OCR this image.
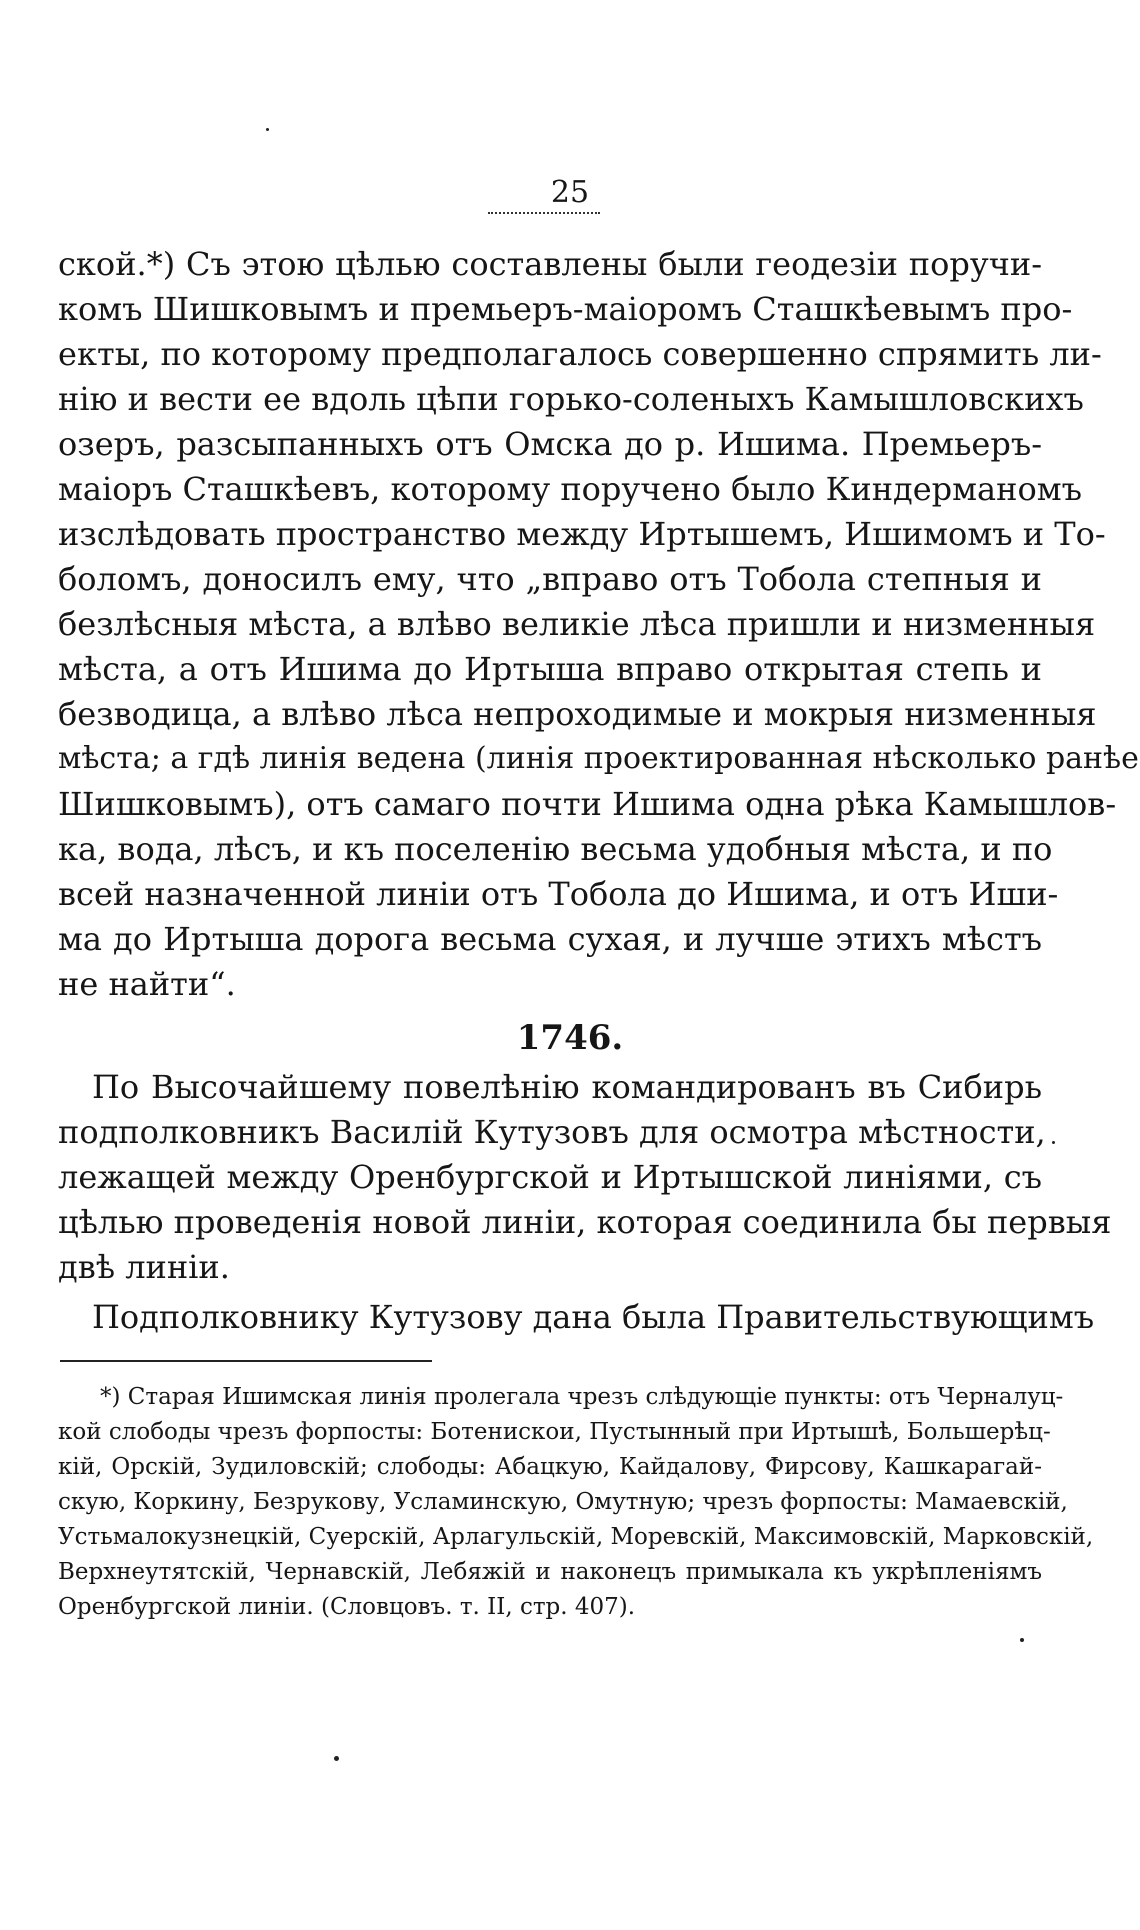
25
ской.*) Съ этою цѣлью составлены были геодезіи поручи-
комъ Шишковымъ и премьеръ-маіоромъ Сташкѣевымъ про-
екты, по которому предполагалось совершенно спрямить ли-
нію и вести ее вдоль цѣпи горько-соленыхъ Камышловскихъ
озеръ, разсыпанныхъ отъ Омска до р. Ишима. Премьеръ-
маіоръ Сташкѣевъ, которому поручено было Киндерманомъ
изслѣдовать пространство между Иртышемъ, Ишимомъ и То-
боломъ, доносилъ ему, что „вправо отъ Тобола степныя и
безлѣсныя мѣста, а влѣво великіе лѣса пришли и низменныя
мѣста, а отъ Ишима до Иртыша вправо открытая степь и
безводица, а влѣво лѣса непроходимые и мокрыя низменныя
мѣста; а гдѣ линія ведена (линія проектированная нѣсколько ранѣе
Шишковымъ), отъ самаго почти Ишима одна рѣка Камышлов-
ка, вода, лѣсъ, и къ поселенію весьма удобныя мѣста, и по
всей назначенной линіи отъ Тобола до Ишима, и отъ Иши-
ма до Иртыша дорога весьма сухая, и лучше этихъ мѣстъ
не найти“.
1746.
По Высочайшему повелѣнію командированъ въ Сибирь
подполковникъ Василій Кутузовъ для осмотра мѣстности,
лежащей между Оренбургской и Иртышской линіями, съ
цѣлью проведенія новой линіи, которая соединила бы первыя
двѣ линіи.
Подполковнику Кутузову дана была Правительствующимъ
*) Старая Ишимская линія пролегала чрезъ слѣдующіе пункты: отъ Черналуц-
кой слободы чрезъ форпосты: Ботенискои, Пустынный при Иртышѣ, Большерѣц-
кій, Орскій, Зудиловскій; слободы: Абацкую, Кайдалову, Фирсову, Кашкарагай-
скую, Коркину, Безрукову, Усламинскую, Омутную; чрезъ форпосты: Мамаевскій,
Устьмалокузнецкій, Суерскій, Арлагульскій, Моревскій, Максимовскій, Марковскій,
Верхнеутятскій, Чернавскій, Лебяжій и наконецъ примыкала къ укрѣпленіямъ
Оренбургской линіи. (Словцовъ. т. II, стр. 407).
